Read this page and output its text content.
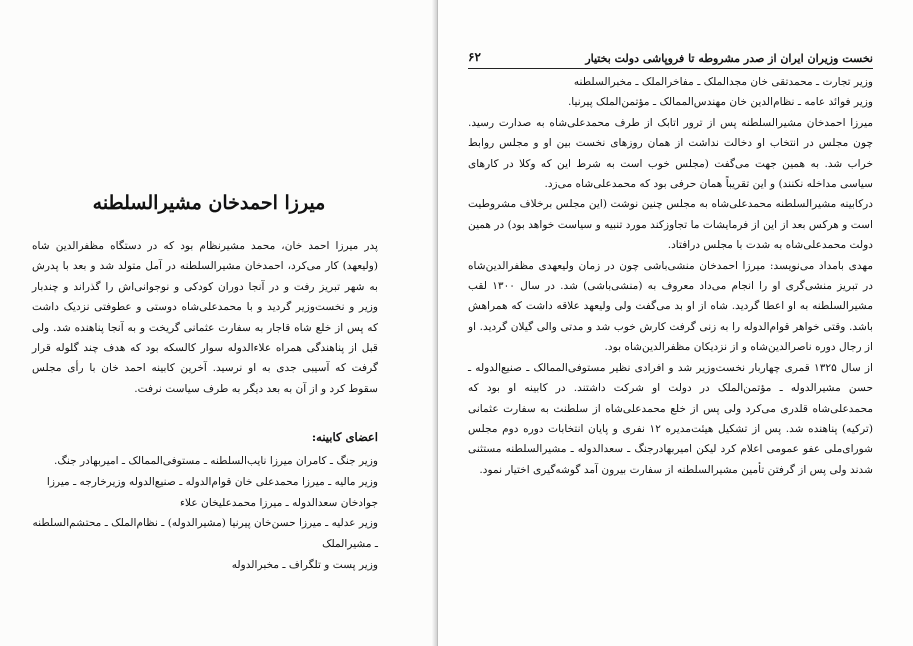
میرزا احمدخان مشیرالسلطنه

پدر میرزا احمد خان، محمد مشیرنظام بود که در دستگاه مظفرالدین شاه (ولیعهد) کار می‌کرد، احمدخان مشیرالسلطنه در آمل متولد شد و بعد با پدرش به شهر تبریز رفت و در آنجا دوران کودکی و نوجوانی‌اش را گذراند و چندبار وزیر و نخست‌وزیر گردید و با محمدعلی‌شاه دوستی و عطوفتی نزدیک داشت که پس از خلع شاه قاجار به سفارت عثمانی گریخت و به آنجا پناهنده شد. ولی قبل از پناهندگی همراه علاءالدوله سوار کالسکه بود که هدف چند گلوله قرار گرفت که آسیبی جدی به او نرسید. آخرین کابینه احمد خان با رأی مجلس سقوط کرد و از آن به بعد دیگر به طرف سیاست نرفت.

اعضای کابینه:

وزیر جنگ ـ کامران میرزا نایب‌السلطنه ـ مستوفی‌الممالک ـ امیربهادر جنگ.

وزیر مالیه ـ میرزا محمدعلی خان قوام‌الدوله ـ صنیع‌الدوله وزیرخارجه ـ میرزا

جوادخان سعدالدوله ـ میرزا محمدعلیخان علاء

وزیر عدلیه ـ میرزا حسن‌خان پیرنیا (مشیرالدوله) ـ نظام‌الملک ـ محتشم‌السلطنه

ـ مشیرالملک

وزیر پست و تلگراف ـ مخبرالدوله

نخست وزیران ایران از صدر مشروطه تا فروپاشی دولت بختیار
۶۲

وزیر تجارت ـ محمدتقی خان مجدالملک ـ مفاخرالملک ـ مخبرالسلطنه

وزیر فوائد عامه ـ نظام‌الدین خان مهندس‌الممالک ـ مؤتمن‌الملک پیرنیا.

میرزا احمدخان مشیرالسلطنه پس از ترور اتابک از طرف محمدعلی‌شاه به صدارت رسید. چون مجلس در انتخاب او دخالت نداشت از همان روزهای نخست بین او و مجلس روابط خراب شد. به همین جهت می‌گفت (مجلس خوب است به شرط این که وکلا در کارهای سیاسی مداخله نکنند) و این تقریباً همان حرفی بود که محمدعلی‌شاه می‌زد.

درکابینه مشیرالسلطنه محمدعلی‌شاه به مجلس چنین نوشت (این مجلس برخلاف مشروطیت است و هرکس بعد از این از فرمایشات ما تجاوزکند مورد تنبیه و سیاست خواهد بود) در همین دولت محمدعلی‌شاه به شدت با مجلس درافتاد.

مهدی بامداد می‌نویسد: میرزا احمدخان منشی‌باشی چون در زمان ولیعهدی مظفرالدین‌شاه در تبریز منشی‌گری او را انجام می‌داد معروف به (منشی‌باشی) شد. در سال ۱۳۰۰ لقب مشیرالسلطنه به او اعطا گردید. شاه از او بد می‌گفت ولی ولیعهد علاقه داشت که همراهش باشد. وقتی خواهر قوام‌الدوله را به زنی گرفت کارش خوب شد و مدتی والی گیلان گردید. او از رجال دوره ناصرالدین‌شاه و از نزدیکان مظفرالدین‌شاه بود.

از سال ۱۳۲۵ قمری چهاربار نخست‌وزیر شد و افرادی نظیر مستوفی‌الممالک ـ صنیع‌الدوله ـ حسن مشیرالدوله ـ مؤتمن‌الملک در دولت او شرکت داشتند. در کابینه او بود که محمدعلی‌شاه قلدری می‌کرد ولی پس از خلع محمدعلی‌شاه از سلطنت به سفارت عثمانی (ترکیه) پناهنده شد. پس از تشکیل هیئت‌مدیره ۱۲ نفری و پایان انتخابات دوره دوم مجلس شورای‌ملی عفو عمومی اعلام کرد لیکن امیربهادرجنگ ـ سعدالدوله ـ مشیرالسلطنه مستثنی شدند ولی پس از گرفتن تأمین مشیرالسلطنه از سفارت بیرون آمد گوشه‌گیری اختیار نمود.
